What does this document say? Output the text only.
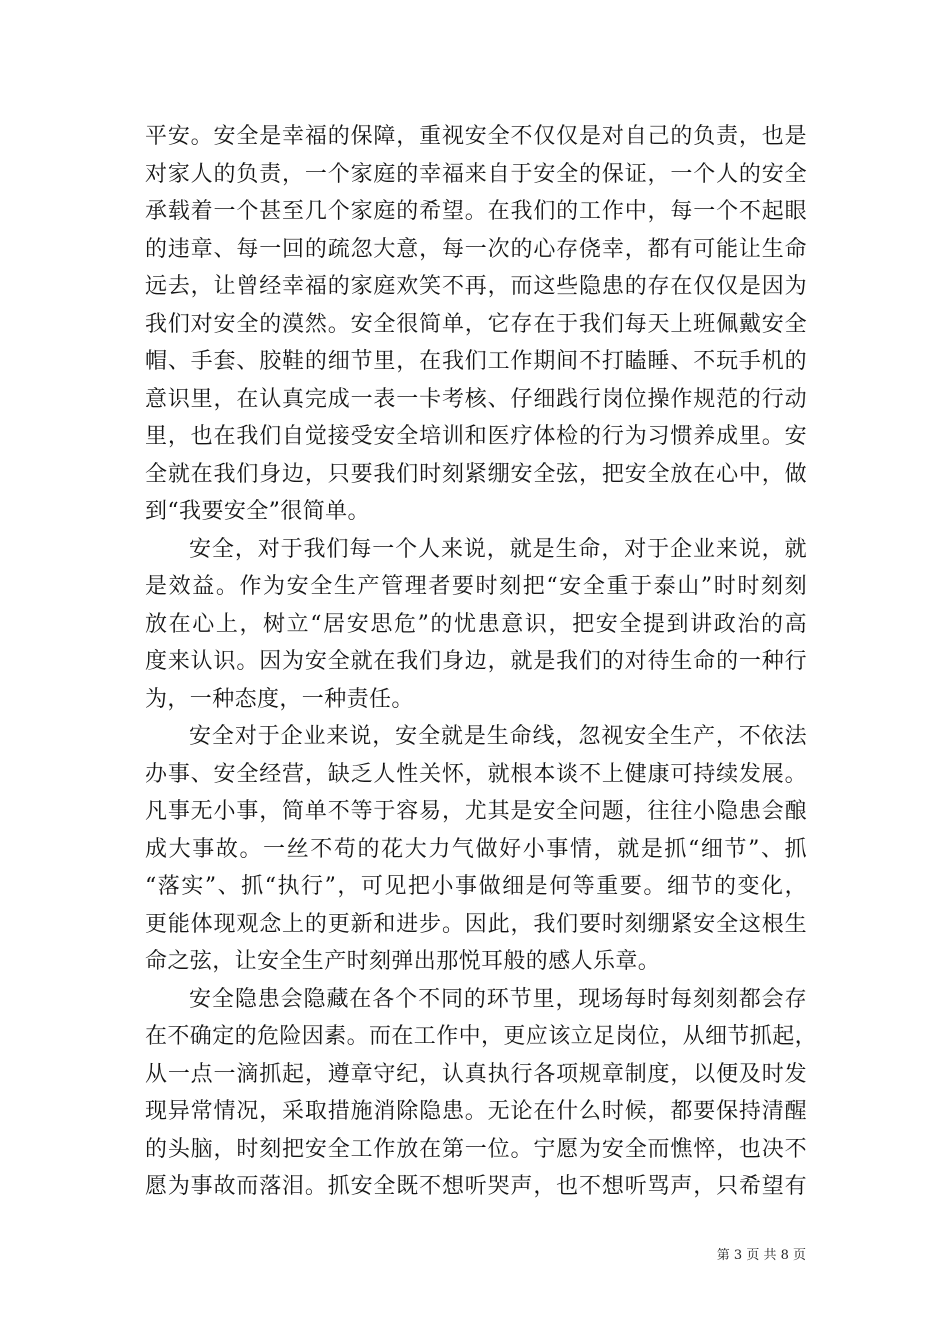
平安。安全是幸福的保障，重视安全不仅仅是对自己的负责，也是
对家人的负责，一个家庭的幸福来自于安全的保证，一个人的安全
承载着一个甚至几个家庭的希望。在我们的工作中，每一个不起眼
的违章、每一回的疏忽大意，每一次的心存侥幸，都有可能让生命
远去，让曾经幸福的家庭欢笑不再，而这些隐患的存在仅仅是因为
我们对安全的漠然。安全很简单，它存在于我们每天上班佩戴安全
帽、手套、胶鞋的细节里，在我们工作期间不打瞌睡、不玩手机的
意识里，在认真完成一表一卡考核、仔细践行岗位操作规范的行动
里，也在我们自觉接受安全培训和医疗体检的行为习惯养成里。安
全就在我们身边，只要我们时刻紧绷安全弦，把安全放在心中，做
到“我要安全”很简单。
安全，对于我们每一个人来说，就是生命，对于企业来说，就
是效益。作为安全生产管理者要时刻把“安全重于泰山”时时刻刻
放在心上，树立“居安思危”的忧患意识，把安全提到讲政治的高
度来认识。因为安全就在我们身边，就是我们的对待生命的一种行
为，一种态度，一种责任。
安全对于企业来说，安全就是生命线，忽视安全生产，不依法
办事、安全经营，缺乏人性关怀，就根本谈不上健康可持续发展。
凡事无小事，简单不等于容易，尤其是安全问题，往往小隐患会酿
成大事故。一丝不苟的花大力气做好小事情，就是抓“细节”、抓
“落实”、抓“执行”，可见把小事做细是何等重要。细节的变化，
更能体现观念上的更新和进步。因此，我们要时刻绷紧安全这根生
命之弦，让安全生产时刻弹出那悦耳般的感人乐章。
安全隐患会隐藏在各个不同的环节里，现场每时每刻刻都会存
在不确定的危险因素。而在工作中，更应该立足岗位，从细节抓起，
从一点一滴抓起，遵章守纪，认真执行各项规章制度，以便及时发
现异常情况，采取措施消除隐患。无论在什么时候，都要保持清醒
的头脑，时刻把安全工作放在第一位。宁愿为安全而憔悴，也决不
愿为事故而落泪。抓安全既不想听哭声，也不想听骂声，只希望有
第 3 页 共 8 页
